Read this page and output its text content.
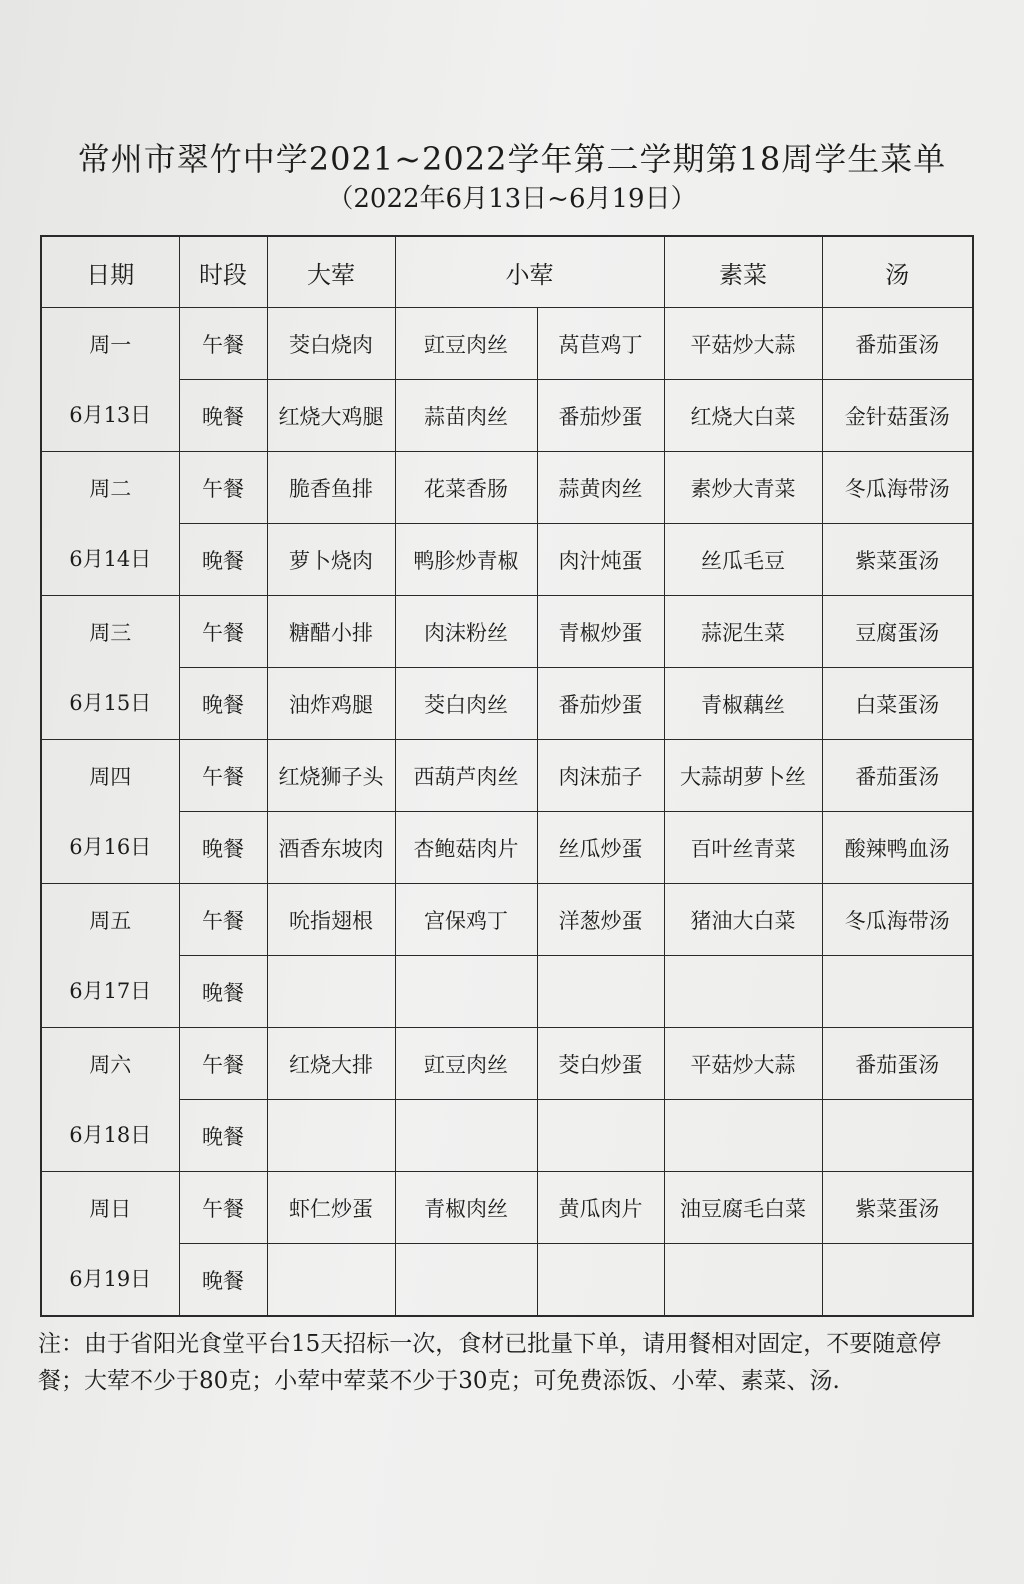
常州市翠竹中学2021~2022学年第二学期第18周学生菜单
（2022年6月13日~6月19日）
日期	时段	大荤	小荤		素菜	汤

周一
6月13日	午餐	茭白烧肉	豇豆肉丝	莴苣鸡丁	平菇炒大蒜	番茄蛋汤
	晚餐	红烧大鸡腿	蒜苗肉丝	番茄炒蛋	红烧大白菜	金针菇蛋汤

周二
6月14日	午餐	脆香鱼排	花菜香肠	蒜黄肉丝	素炒大青菜	冬瓜海带汤
	晚餐	萝卜烧肉	鸭胗炒青椒	肉汁炖蛋	丝瓜毛豆	紫菜蛋汤

周三
6月15日	午餐	糖醋小排	肉沫粉丝	青椒炒蛋	蒜泥生菜	豆腐蛋汤
	晚餐	油炸鸡腿	茭白肉丝	番茄炒蛋	青椒藕丝	白菜蛋汤

周四
6月16日	午餐	红烧狮子头	西葫芦肉丝	肉沫茄子	大蒜胡萝卜丝	番茄蛋汤
	晚餐	酒香东坡肉	杏鲍菇肉片	丝瓜炒蛋	百叶丝青菜	酸辣鸭血汤

周五
6月17日	午餐	吮指翅根	宫保鸡丁	洋葱炒蛋	猪油大白菜	冬瓜海带汤
	晚餐					

周六
6月18日	午餐	红烧大排	豇豆肉丝	茭白炒蛋	平菇炒大蒜	番茄蛋汤
	晚餐					

周日
6月19日	午餐	虾仁炒蛋	青椒肉丝	黄瓜肉片	油豆腐毛白菜	紫菜蛋汤
	晚餐					
注：由于省阳光食堂平台15天招标一次，食材已批量下单，请用餐相对固定，不要随意停餐；大荤不少于80克；小荤中荤菜不少于30克；可免费添饭、小荤、素菜、汤.
